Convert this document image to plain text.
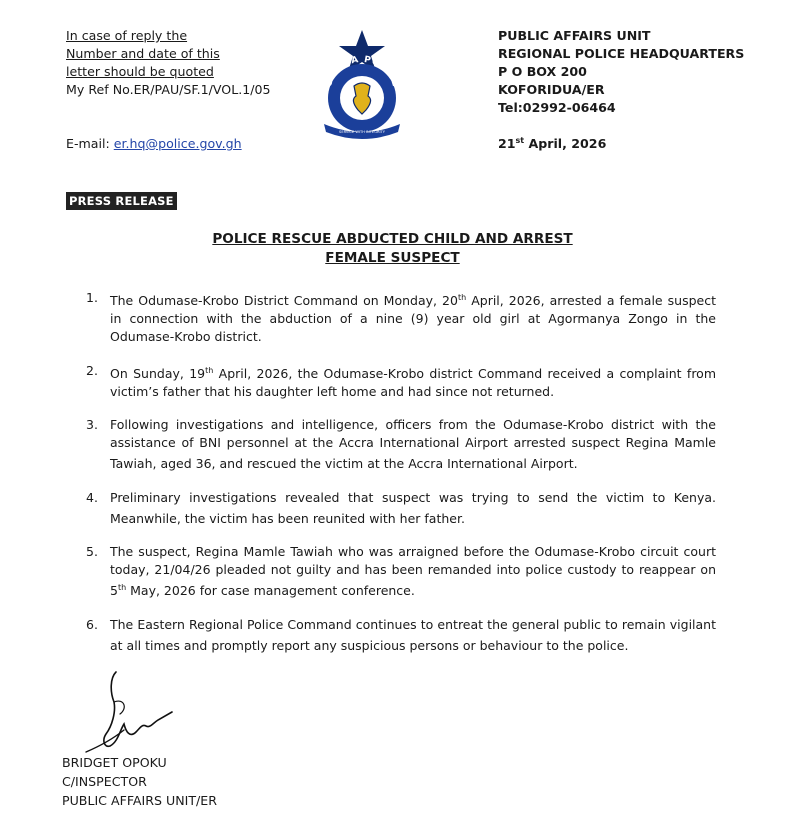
In case of reply the
Number and date of this
letter should be quoted
My Ref No.ER/PAU/SF.1/VOL.1/05	GHANA POLICE
SERVICE WITH INTEGRITY
PUBLIC AFFAIRS UNIT
REGIONAL POLICE HEADQUARTERS
P O BOX 200
KOFORIDUA/ER
Tel:02992-06464
E-mail: er.hq@police.gov.gh	21st April, 2026
PRESS RELEASE
POLICE RESCUE ABDUCTED CHILD AND ARREST
FEMALE SUSPECT
1. The Odumase-Krobo District Command on Monday, 20th April, 2026, arrested a female suspect in connection with the abduction of a nine (9) year old girl at Agormanya Zongo in the Odumase-Krobo district.
2. On Sunday, 19th April, 2026, the Odumase-Krobo district Command received a complaint from victim’s father that his daughter left home and had since not returned.
3. Following investigations and intelligence, officers from the Odumase-Krobo district with the assistance of BNI personnel at the Accra International Airport arrested suspect Regina Mamle Tawiah, aged 36, and rescued the victim at the Accra International Airport.
4. Preliminary investigations revealed that suspect was trying to send the victim to Kenya. Meanwhile, the victim has been reunited with her father.
5. The suspect, Regina Mamle Tawiah who was arraigned before the Odumase-Krobo circuit court today, 21/04/26 pleaded not guilty and has been remanded into police custody to reappear on 5th May, 2026 for case management conference.
6. The Eastern Regional Police Command continues to entreat the general public to remain vigilant at all times and promptly report any suspicious persons or behaviour to the police.
BRIDGET OPOKU
C/INSPECTOR
PUBLIC AFFAIRS UNIT/ER
